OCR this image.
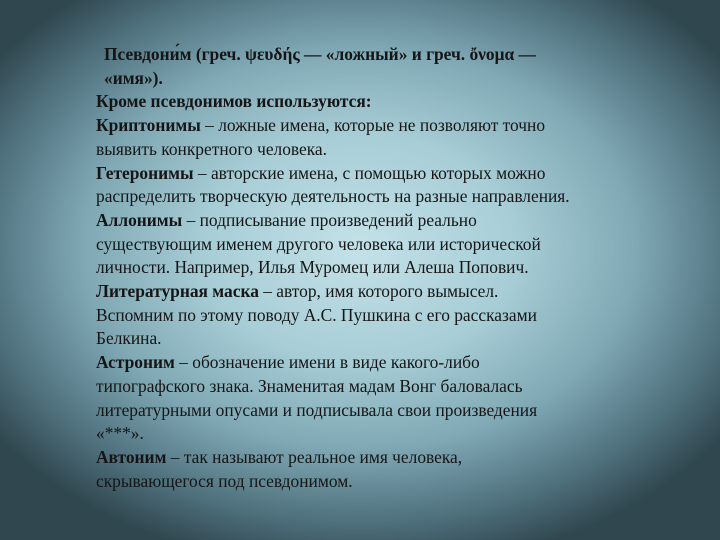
Псевдони́м (греч. ψευδής — «ложный» и греч. ὄνομα — «имя»).

Кроме псевдонимов используются:

Криптонимы – ложные имена, которые не позволяют точно выявить конкретного человека.

Гетеронимы – авторские имена, с помощью которых можно распределить творческую деятельность на разные направления.

Аллонимы – подписывание произведений реально существующим именем другого человека или исторической личности. Например, Илья Муромец или Алеша Попович.

Литературная маска – автор, имя которого вымысел. Вспомним по этому поводу А.С. Пушкина с его рассказами Белкина.

Астроним – обозначение имени в виде какого-либо типографского знака. Знаменитая мадам Вонг баловалась литературными опусами и подписывала свои произведения «***».

Автоним – так называют реальное имя человека, скрывающегося под псевдонимом.
